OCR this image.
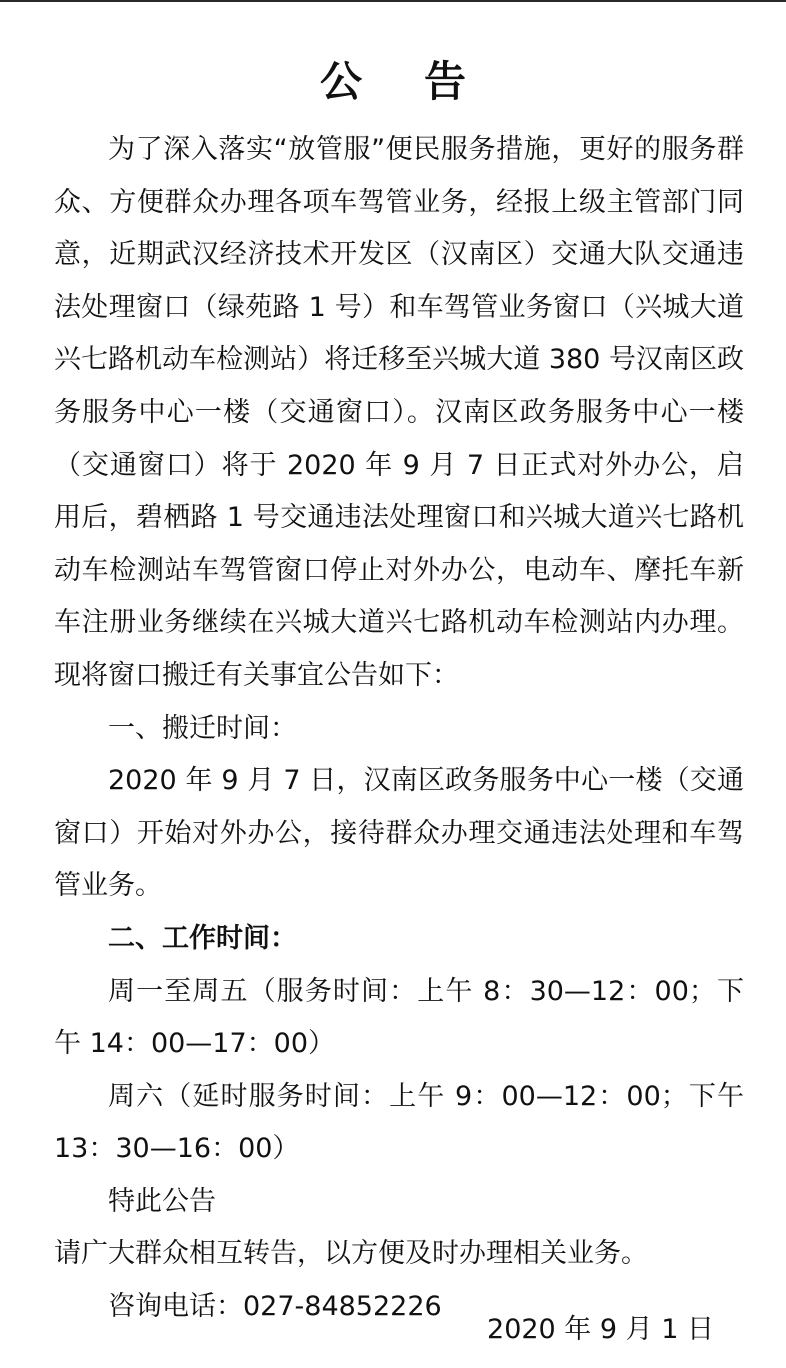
公告

为了深入落实“放管服”便民服务措施，更好的服务群众、方便群众办理各项车驾管业务，经报上级主管部门同意，近期武汉经济技术开发区（汉南区）交通大队交通违法处理窗口（绿苑路 1 号）和车驾管业务窗口（兴城大道兴七路机动车检测站）将迁移至兴城大道 380 号汉南区政务服务中心一楼（交通窗口）。汉南区政务服务中心一楼（交通窗口）将于 2020 年 9 月 7 日正式对外办公，启用后，碧栖路 1 号交通违法处理窗口和兴城大道兴七路机动车检测站车驾管窗口停止对外办公，电动车、摩托车新车注册业务继续在兴城大道兴七路机动车检测站内办理。现将窗口搬迁有关事宜公告如下：

一、搬迁时间：

2020 年 9 月 7 日，汉南区政务服务中心一楼（交通窗口）开始对外办公，接待群众办理交通违法处理和车驾管业务。

二、工作时间：

周一至周五（服务时间：上午 8：30—12：00；下午 14：00—17：00）

周六（延时服务时间：上午 9：00—12：00；下午 13：30—16：00）

特此公告

请广大群众相互转告，以方便及时办理相关业务。

咨询电话：027-84852226

2020 年 9 月 1 日
